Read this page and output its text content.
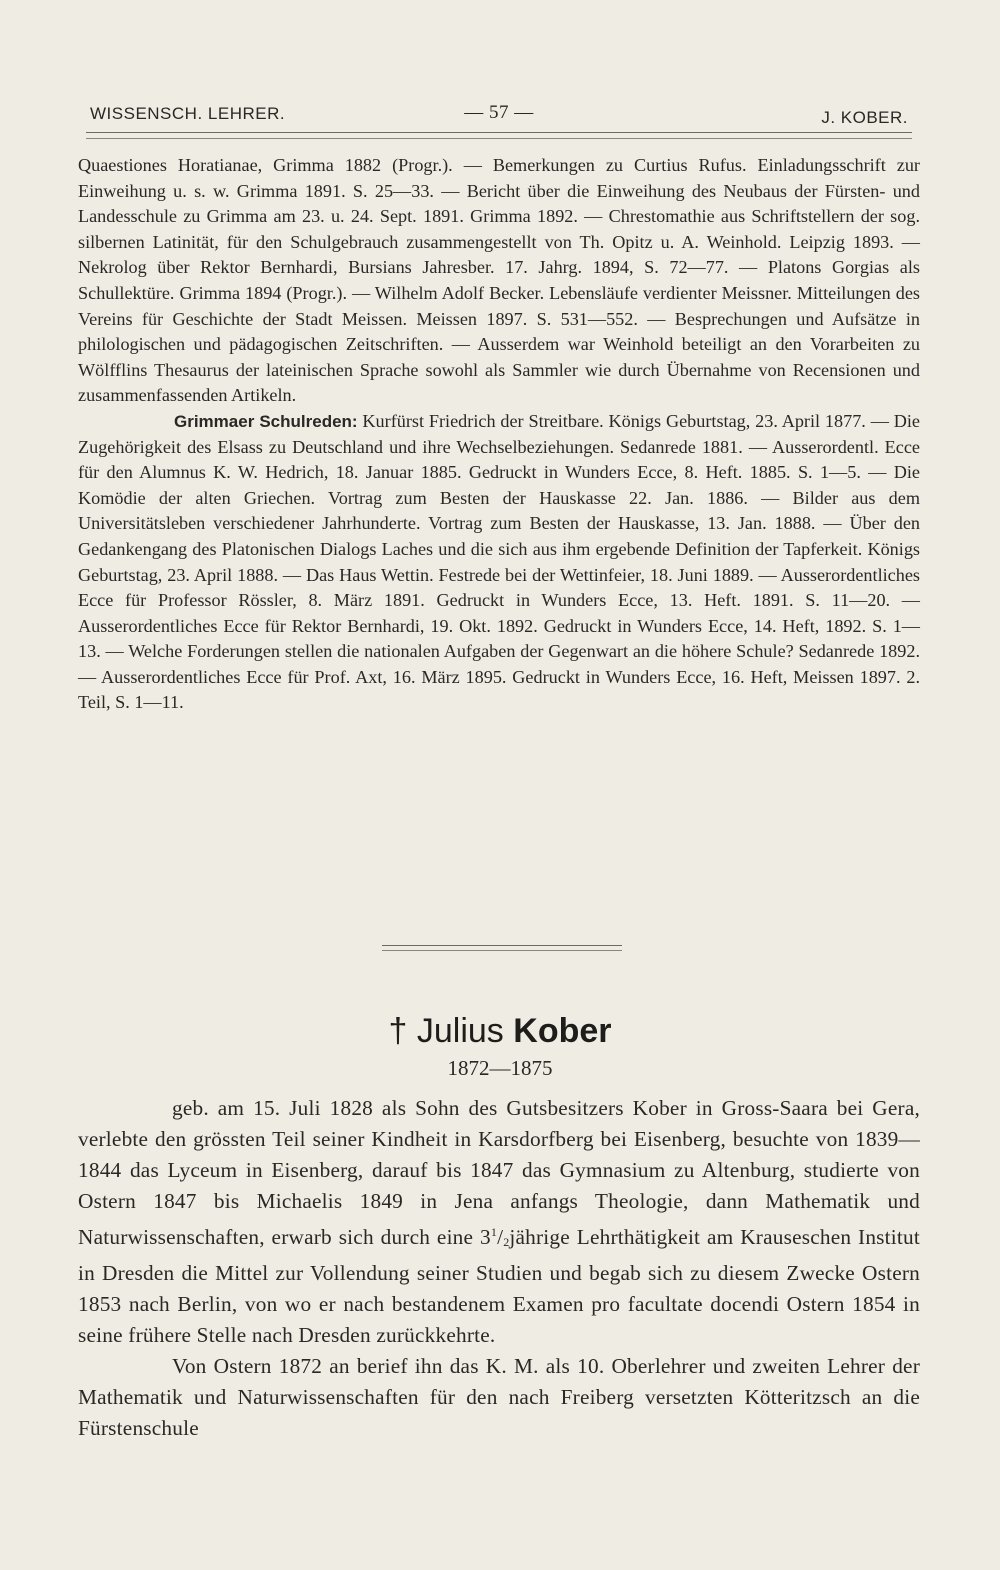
WISSENSCH. LEHRER.	— 57 —	J. KOBER.

Quaestiones Horatianae, Grimma 1882 (Progr.). — Bemerkungen zu Curtius Rufus. Einladungsschrift zur Einweihung u. s. w. Grimma 1891. S. 25—33. — Bericht über die Einweihung des Neubaus der Fürsten- und Landesschule zu Grimma am 23. u. 24. Sept. 1891. Grimma 1892. — Chrestomathie aus Schriftstellern der sog. silbernen Latinität, für den Schulgebrauch zusammengestellt von Th. Opitz u. A. Weinhold. Leipzig 1893. — Nekrolog über Rektor Bernhardi, Bursians Jahresber. 17. Jahrg. 1894, S. 72—77. — Platons Gorgias als Schullektüre. Grimma 1894 (Progr.). — Wilhelm Adolf Becker. Lebensläufe verdienter Meissner. Mitteilungen des Vereins für Geschichte der Stadt Meissen. Meissen 1897. S. 531—552. — Besprechungen und Aufsätze in philologischen und pädagogischen Zeitschriften. — Ausserdem war Weinhold beteiligt an den Vorarbeiten zu Wölfflins Thesaurus der lateinischen Sprache sowohl als Sammler wie durch Übernahme von Recensionen und zusammenfassenden Artikeln.

Grimmaer Schulreden: Kurfürst Friedrich der Streitbare. Königs Geburtstag, 23. April 1877. — Die Zugehörigkeit des Elsass zu Deutschland und ihre Wechselbeziehungen. Sedanrede 1881. — Ausserordentl. Ecce für den Alumnus K. W. Hedrich, 18. Januar 1885. Gedruckt in Wunders Ecce, 8. Heft. 1885. S. 1—5. — Die Komödie der alten Griechen. Vortrag zum Besten der Hauskasse 22. Jan. 1886. — Bilder aus dem Universitätsleben verschiedener Jahrhunderte. Vortrag zum Besten der Hauskasse, 13. Jan. 1888. — Über den Gedankengang des Platonischen Dialogs Laches und die sich aus ihm ergebende Definition der Tapferkeit. Königs Geburtstag, 23. April 1888. — Das Haus Wettin. Festrede bei der Wettinfeier, 18. Juni 1889. — Ausserordentliches Ecce für Professor Rössler, 8. März 1891. Gedruckt in Wunders Ecce, 13. Heft. 1891. S. 11—20. — Ausserordentliches Ecce für Rektor Bernhardi, 19. Okt. 1892. Gedruckt in Wunders Ecce, 14. Heft, 1892. S. 1—13. — Welche Forderungen stellen die nationalen Aufgaben der Gegenwart an die höhere Schule? Sedanrede 1892. — Ausserordentliches Ecce für Prof. Axt, 16. März 1895. Gedruckt in Wunders Ecce, 16. Heft, Meissen 1897. 2. Teil, S. 1—11.

† Julius Kober
1872—1875

geb. am 15. Juli 1828 als Sohn des Gutsbesitzers Kober in Gross-Saara bei Gera, verlebte den grössten Teil seiner Kindheit in Karsdorfberg bei Eisenberg, besuchte von 1839—1844 das Lyceum in Eisenberg, darauf bis 1847 das Gymnasium zu Altenburg, studierte von Ostern 1847 bis Michaelis 1849 in Jena anfangs Theologie, dann Mathematik und Naturwissenschaften, erwarb sich durch eine $3^1/_2jährige$ Lehrthätigkeit am Krauseschen Institut in Dresden die Mittel zur Vollendung seiner Studien und begab sich zu diesem Zwecke Ostern 1853 nach Berlin, von wo er nach bestandenem Examen pro facultate docendi Ostern 1854 in seine frühere Stelle nach Dresden zurückkehrte.

Von Ostern 1872 an berief ihn das K. M. als 10. Oberlehrer und zweiten Lehrer der Mathematik und Naturwissenschaften für den nach Freiberg versetzten Kötteritzsch an die Fürstenschule
